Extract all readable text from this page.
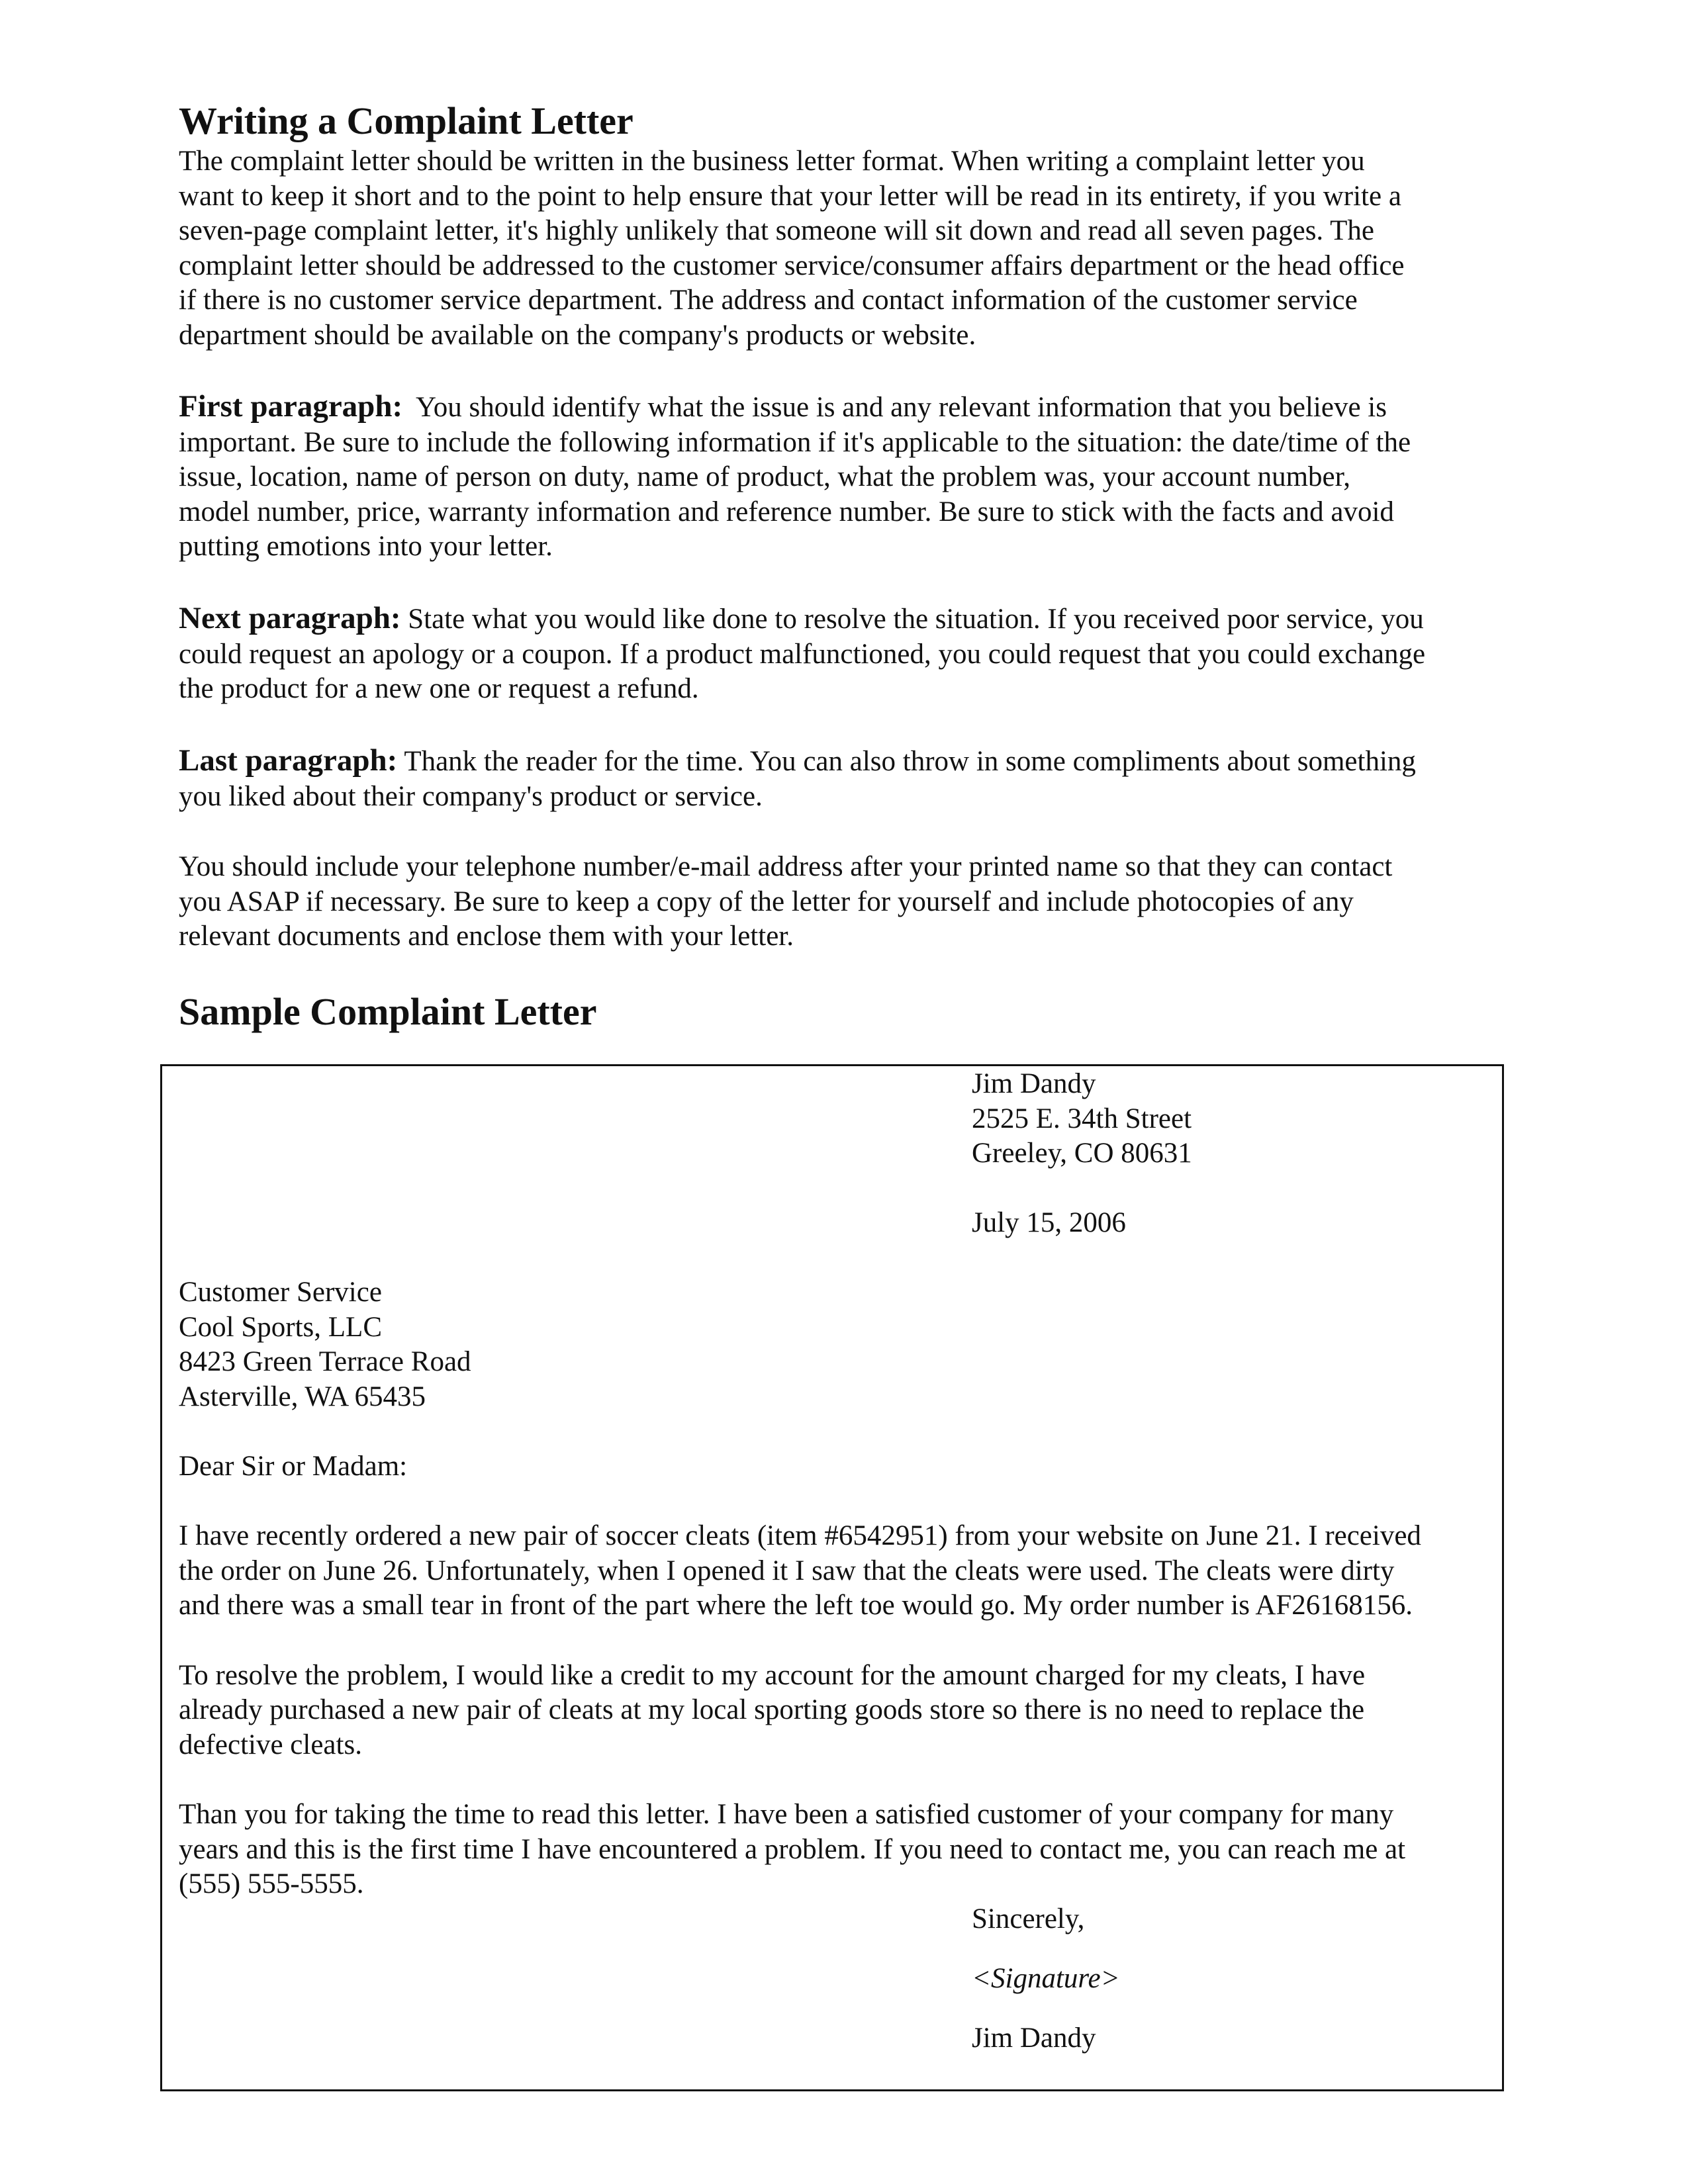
Writing a Complaint Letter

The complaint letter should be written in the business letter format. When writing a complaint letter you
want to keep it short and to the point to help ensure that your letter will be read in its entirety, if you write a
seven-page complaint letter, it's highly unlikely that someone will sit down and read all seven pages. The
complaint letter should be addressed to the customer service/consumer affairs department or the head office
if there is no customer service department. The address and contact information of the customer service
department should be available on the company's products or website.

First paragraph:  You should identify what the issue is and any relevant information that you believe is
important. Be sure to include the following information if it's applicable to the situation: the date/time of the
issue, location, name of person on duty, name of product, what the problem was, your account number,
model number, price, warranty information and reference number. Be sure to stick with the facts and avoid
putting emotions into your letter.

Next paragraph: State what you would like done to resolve the situation. If you received poor service, you
could request an apology or a coupon. If a product malfunctioned, you could request that you could exchange
the product for a new one or request a refund.

Last paragraph: Thank the reader for the time. You can also throw in some compliments about something
you liked about their company's product or service.

You should include your telephone number/e-mail address after your printed name so that they can contact
you ASAP if necessary. Be sure to keep a copy of the letter for yourself and include photocopies of any
relevant documents and enclose them with your letter.

Sample Complaint Letter

Jim Dandy

2525 E. 34th Street

Greeley, CO 80631

July 15, 2006

Customer Service

Cool Sports, LLC

8423 Green Terrace Road

Asterville, WA 65435

Dear Sir or Madam:

I have recently ordered a new pair of soccer cleats (item #6542951) from your website on June 21. I received

the order on June 26. Unfortunately, when I opened it I saw that the cleats were used. The cleats were dirty

and there was a small tear in front of the part where the left toe would go. My order number is AF26168156.

To resolve the problem, I would like a credit to my account for the amount charged for my cleats, I have

already purchased a new pair of cleats at my local sporting goods store so there is no need to replace the

defective cleats.

Than you for taking the time to read this letter. I have been a satisfied customer of your company for many

years and this is the first time I have encountered a problem. If you need to contact me, you can reach me at

(555) 555-5555.

Sincerely,

<Signature>

Jim Dandy
